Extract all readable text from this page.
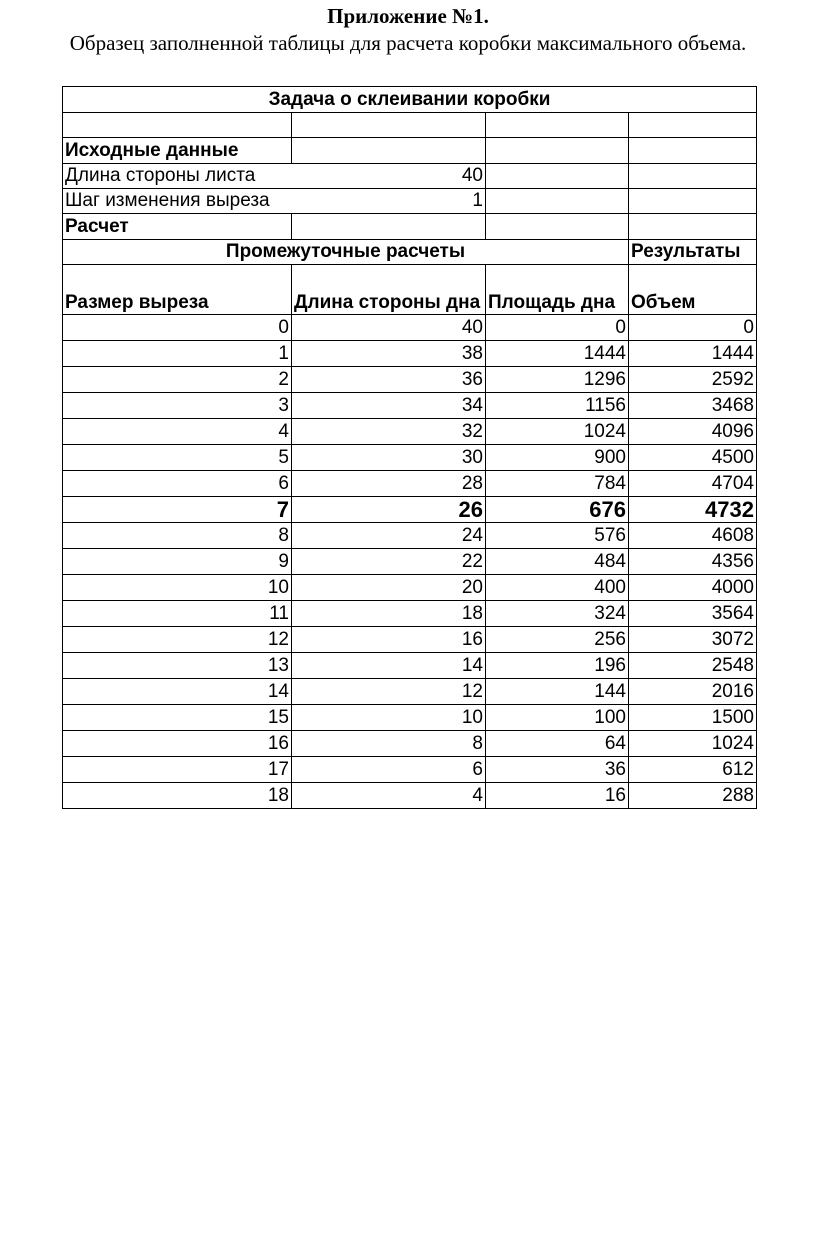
Приложение №1.
Образец заполненной таблицы для расчета коробки максимального объема.
Задача о склеивании коробки			

Исходные данные			
Длина стороны листа	40		
Шаг изменения выреза	1		
Расчет			
Промежуточные расчеты			Результаты
Размер выреза	Длина стороны дна	Площадь дна	Объем
0	40	0	0
1	38	1444	1444
2	36	1296	2592
3	34	1156	3468
4	32	1024	4096
5	30	900	4500
6	28	784	4704
7	26	676	4732
8	24	576	4608
9	22	484	4356
10	20	400	4000
11	18	324	3564
12	16	256	3072
13	14	196	2548
14	12	144	2016
15	10	100	1500
16	8	64	1024
17	6	36	612
18	4	16	288
